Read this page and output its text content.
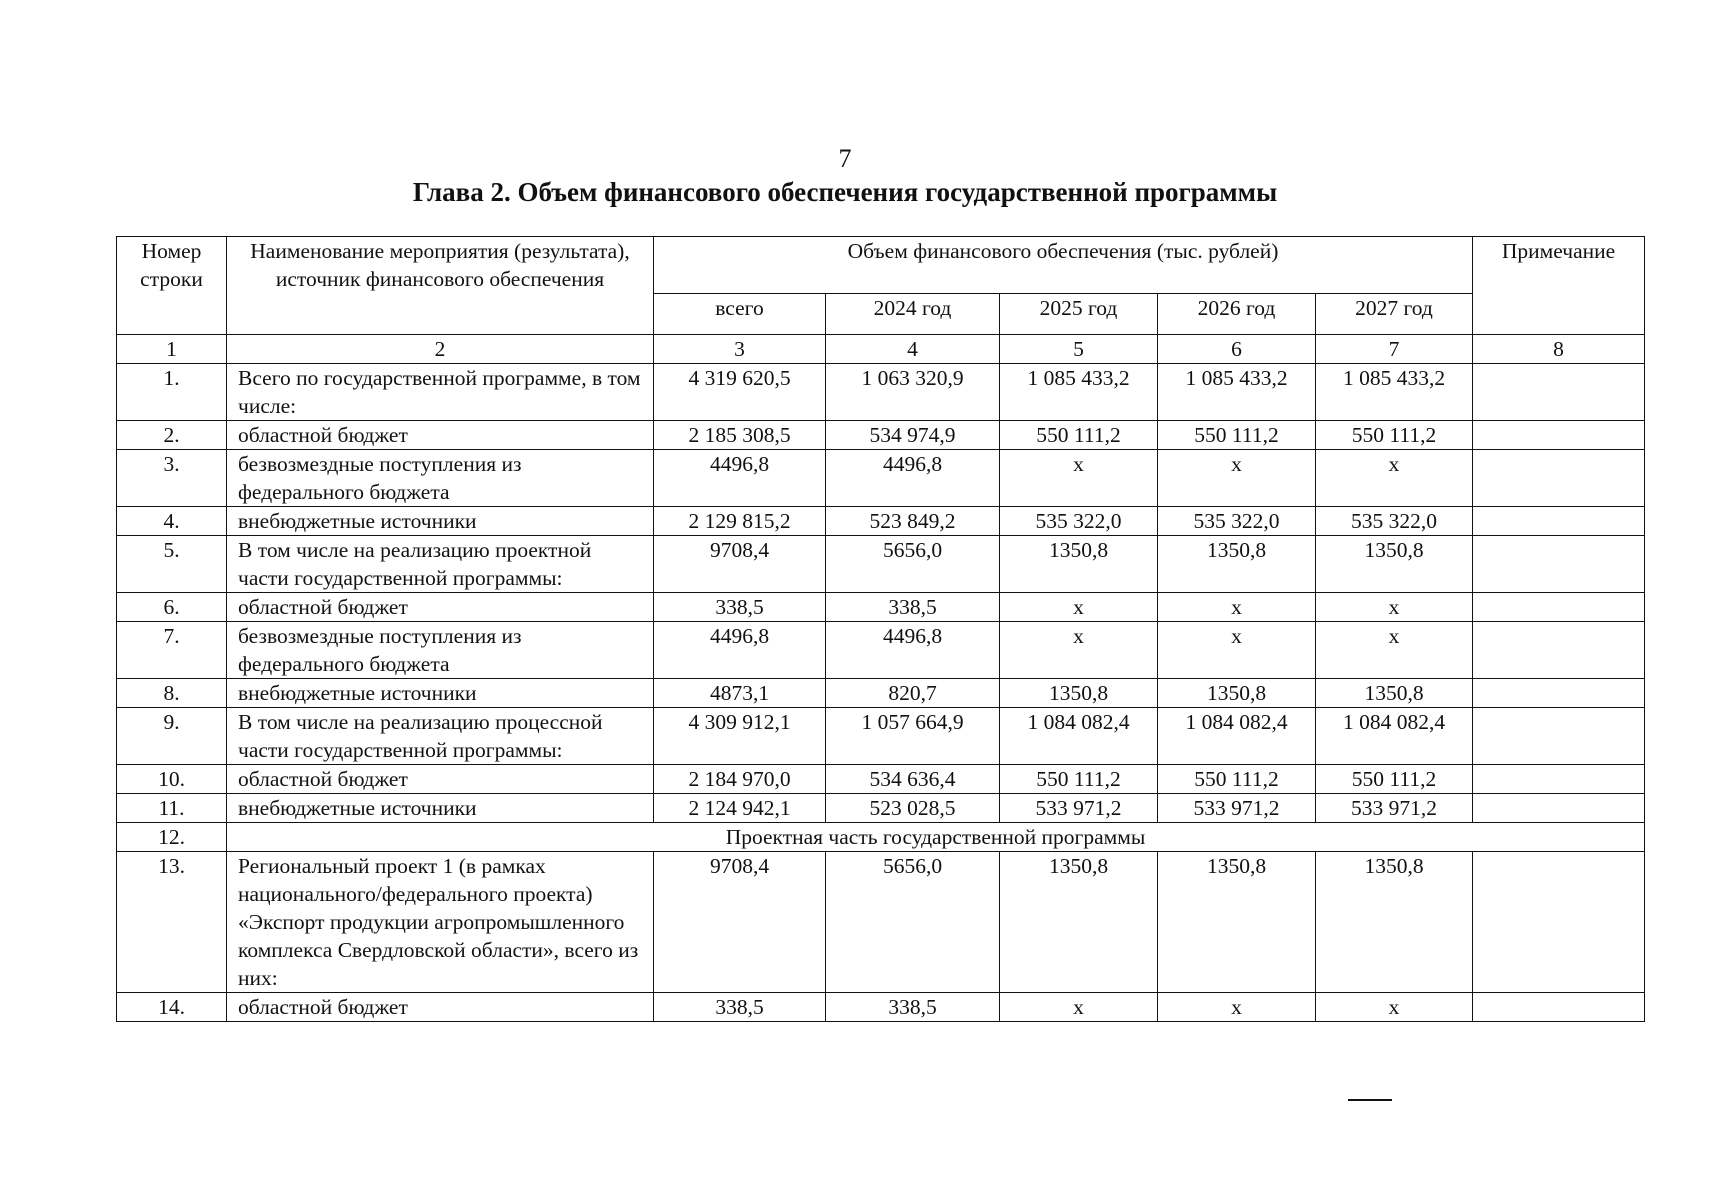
7
Глава 2. Объем финансового обеспечения государственной программы
Номер строки	Наименование мероприятия (результата), источник финансового обеспечения	Объем финансового обеспечения (тыс. рублей)					Примечание
		всего	2024 год	2025 год	2026 год	2027 год	
1	2	3	4	5	6	7	8
1.	Всего по государственной программе, в том числе:	4 319 620,5	1 063 320,9	1 085 433,2	1 085 433,2	1 085 433,2	
2.	областной бюджет	2 185 308,5	534 974,9	550 111,2	550 111,2	550 111,2	
3.	безвозмездные поступления из федерального бюджета	4496,8	4496,8	x	x	x	
4.	внебюджетные источники	2 129 815,2	523 849,2	535 322,0	535 322,0	535 322,0	
5.	В том числе на реализацию проектной части государственной программы:	9708,4	5656,0	1350,8	1350,8	1350,8	
6.	областной бюджет	338,5	338,5	x	x	x	
7.	безвозмездные поступления из федерального бюджета	4496,8	4496,8	x	x	x	
8.	внебюджетные источники	4873,1	820,7	1350,8	1350,8	1350,8	
9.	В том числе на реализацию процессной части государственной программы:	4 309 912,1	1 057 664,9	1 084 082,4	1 084 082,4	1 084 082,4	
10.	областной бюджет	2 184 970,0	534 636,4	550 111,2	550 111,2	550 111,2	
11.	внебюджетные источники	2 124 942,1	523 028,5	533 971,2	533 971,2	533 971,2	
12.	Проектная часть государственной программы						
13.	Региональный проект 1 (в рамках национального/федерального проекта) «Экспорт продукции агропромышленного комплекса Свердловской области», всего из них:	9708,4	5656,0	1350,8	1350,8	1350,8	
14.	областной бюджет	338,5	338,5	x	x	x	
